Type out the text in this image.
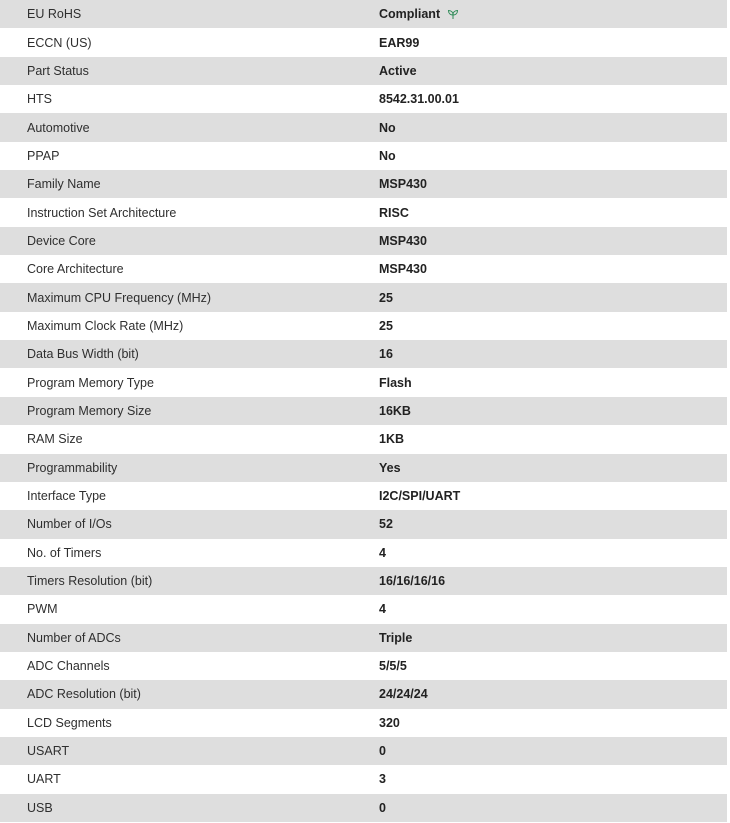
EU RoHS	Compliant
ECCN (US)	EAR99
Part Status	Active
HTS	8542.31.00.01
Automotive	No
PPAP	No
Family Name	MSP430
Instruction Set Architecture	RISC
Device Core	MSP430
Core Architecture	MSP430
Maximum CPU Frequency (MHz)	25
Maximum Clock Rate (MHz)	25
Data Bus Width (bit)	16
Program Memory Type	Flash
Program Memory Size	16KB
RAM Size	1KB
Programmability	Yes
Interface Type	I2C/SPI/UART
Number of I/Os	52
No. of Timers	4
Timers Resolution (bit)	16/16/16/16
PWM	4
Number of ADCs	Triple
ADC Channels	5/5/5
ADC Resolution (bit)	24/24/24
LCD Segments	320
USART	0
UART	3
USB	0
